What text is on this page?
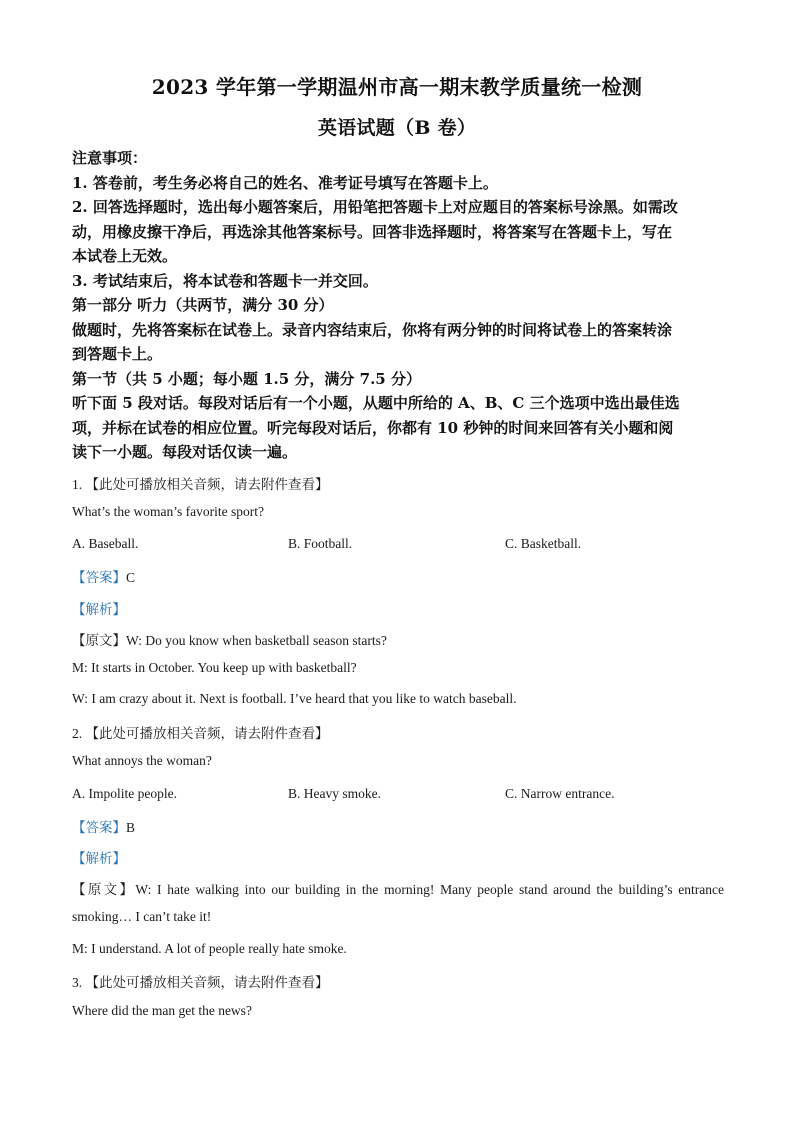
2023 学年第一学期温州市高一期末教学质量统一检测
英语试题（B 卷）
注意事项：
1. 答卷前，考生务必将自己的姓名、准考证号填写在答题卡上。
2. 回答选择题时，选出每小题答案后，用铅笔把答题卡上对应题目的答案标号涂黑。如需改
动，用橡皮擦干净后，再选涂其他答案标号。回答非选择题时，将答案写在答题卡上，写在
本试卷上无效。
3. 考试结束后，将本试卷和答题卡一并交回。
第一部分 听力（共两节，满分 30 分）
做题时，先将答案标在试卷上。录音内容结束后，你将有两分钟的时间将试卷上的答案转涂
到答题卡上。
第一节（共 5 小题；每小题 1.5 分，满分 7.5 分）
听下面 5 段对话。每段对话后有一个小题，从题中所给的 A、B、C 三个选项中选出最佳选
项，并标在试卷的相应位置。听完每段对话后，你都有 10 秒钟的时间来回答有关小题和阅
读下一小题。每段对话仅读一遍。
1. 【此处可播放相关音频，请去附件查看】
What’s the woman’s favorite sport?
A. Baseball.	B. Football.	C. Basketball.
【答案】C
【解析】
【原文】W: Do you know when basketball season starts?
M: It starts in October. You keep up with basketball?
W: I am crazy about it. Next is football. I’ve heard that you like to watch baseball.
2. 【此处可播放相关音频，请去附件查看】
What annoys the woman?
A. Impolite people.	B. Heavy smoke.	C. Narrow entrance.
【答案】B
【解析】
【原文】W: I hate walking into our building in the morning! Many people stand around the building’s entrance
smoking… I can’t take it!
M: I understand. A lot of people really hate smoke.
3. 【此处可播放相关音频，请去附件查看】
Where did the man get the news?
